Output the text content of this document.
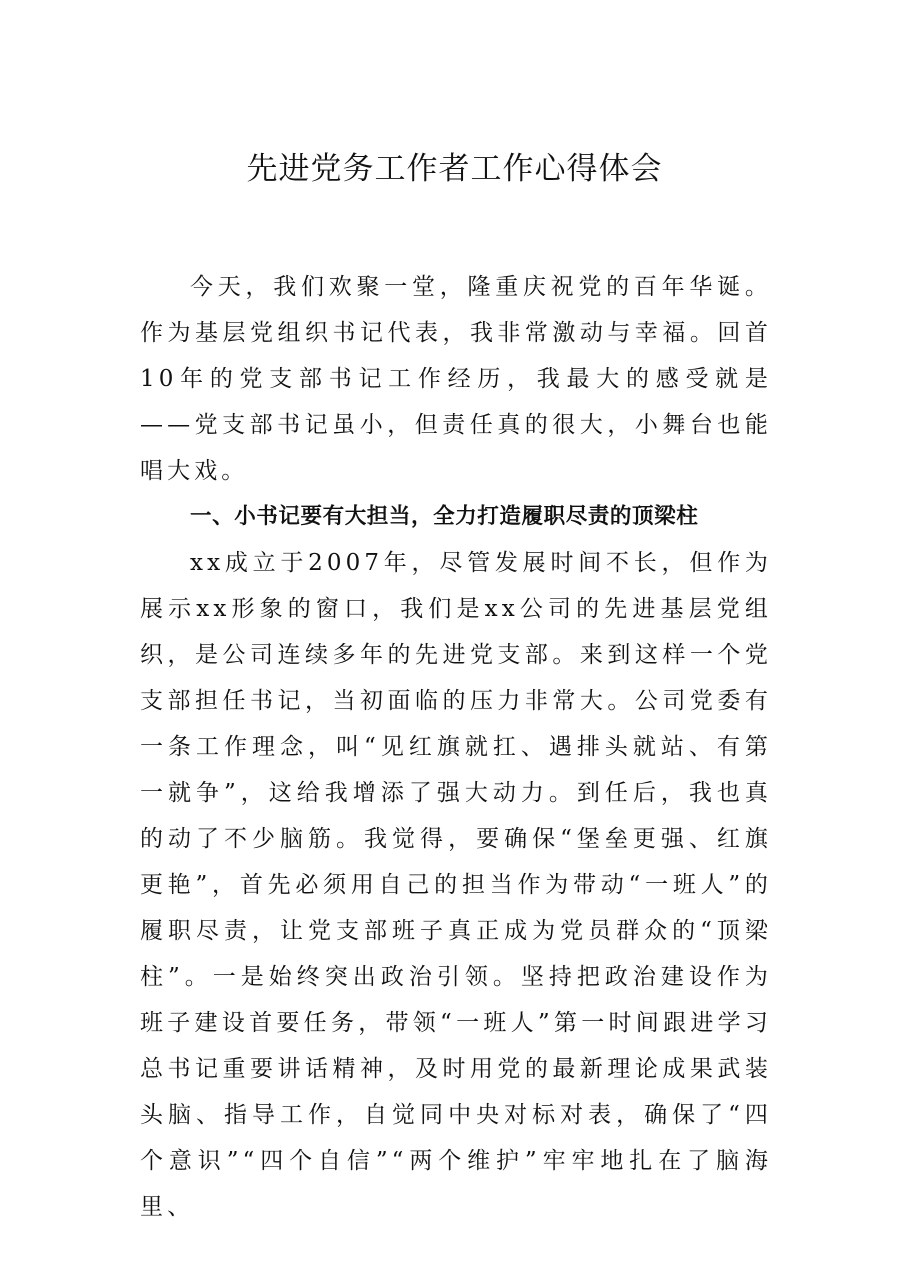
先进党务工作者工作心得体会

今天，我们欢聚一堂，隆重庆祝党的百年华诞。作为基层党组织书记代表，我非常激动与幸福。回首10年的党支部书记工作经历，我最大的感受就是——党支部书记虽小，但责任真的很大，小舞台也能唱大戏。

一、小书记要有大担当，全力打造履职尽责的顶梁柱

xx成立于2007年，尽管发展时间不长，但作为展示xx形象的窗口，我们是xx公司的先进基层党组织，是公司连续多年的先进党支部。来到这样一个党支部担任书记，当初面临的压力非常大。公司党委有一条工作理念，叫“见红旗就扛、遇排头就站、有第一就争”，这给我增添了强大动力。到任后，我也真的动了不少脑筋。我觉得，要确保“堡垒更强、红旗更艳”，首先必须用自己的担当作为带动“一班人”的履职尽责，让党支部班子真正成为党员群众的“顶梁柱”。一是始终突出政治引领。坚持把政治建设作为班子建设首要任务，带领“一班人”第一时间跟进学习总书记重要讲话精神，及时用党的最新理论成果武装头脑、指导工作，自觉同中央对标对表，确保了“四个意识”“四个自信”“两个维护”牢牢地扎在了脑海里、
